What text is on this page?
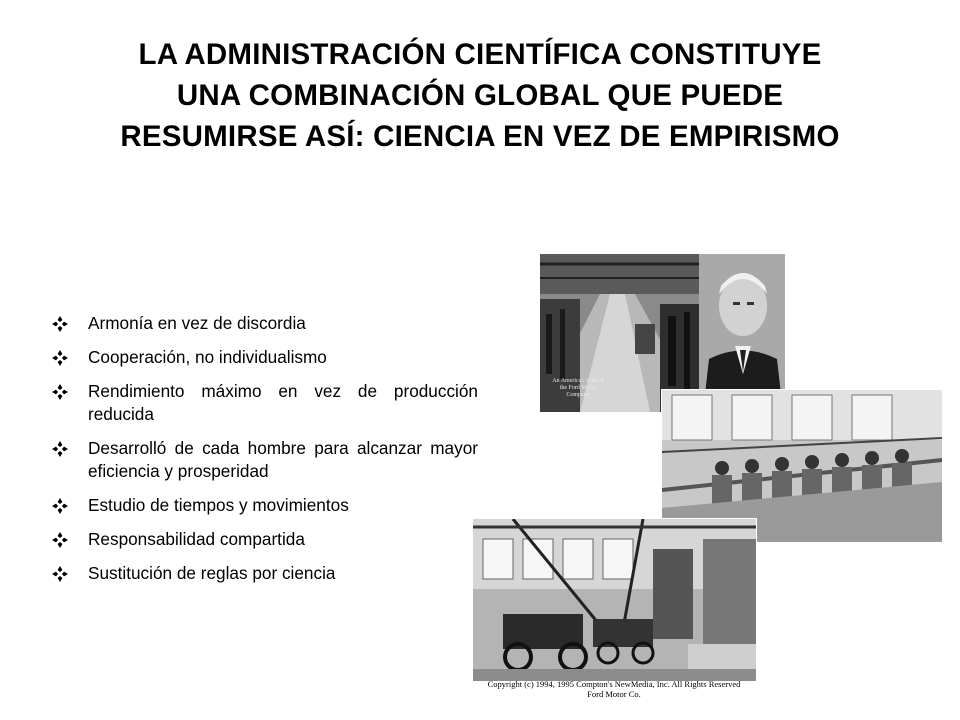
LA ADMINISTRACIÓN CIENTÍFICA CONSTITUYE
UNA COMBINACIÓN GLOBAL QUE PUEDE
RESUMIRSE ASÍ: CIENCIA EN VEZ DE EMPIRISMO
Armonía en vez de discordia
Cooperación, no individualismo
Rendimiento máximo en vez de producción reducida
Desarrolló de cada hombre para alcanzar mayor eficiencia y prosperidad
Estudio de tiempos y movimientos
Responsabilidad compartida
Sustitución de reglas por ciencia
An America's Line of the Ford Motor Company
Copyright (c) 1994, 1995 Compton's NewMedia, Inc. All Rights Reserved
Ford Motor Co.
